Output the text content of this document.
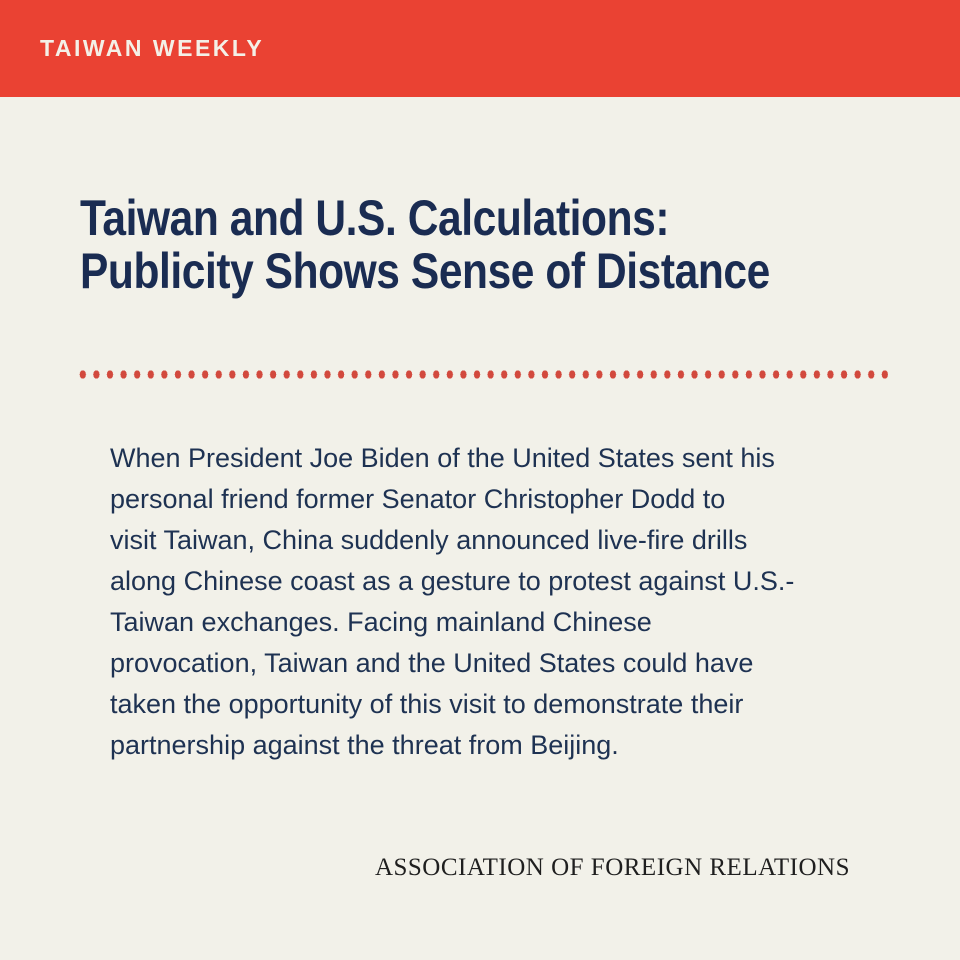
TAIWAN WEEKLY
Taiwan and U.S. Calculations:
Publicity Shows Sense of Distance
When President Joe Biden of the United States sent his
personal friend former Senator Christopher Dodd to
visit Taiwan, China suddenly announced live-fire drills
along Chinese coast as a gesture to protest against U.S.-
Taiwan exchanges. Facing mainland Chinese
provocation, Taiwan and the United States could have
taken the opportunity of this visit to demonstrate their
partnership against the threat from Beijing.
ASSOCIATION OF FOREIGN RELATIONS
